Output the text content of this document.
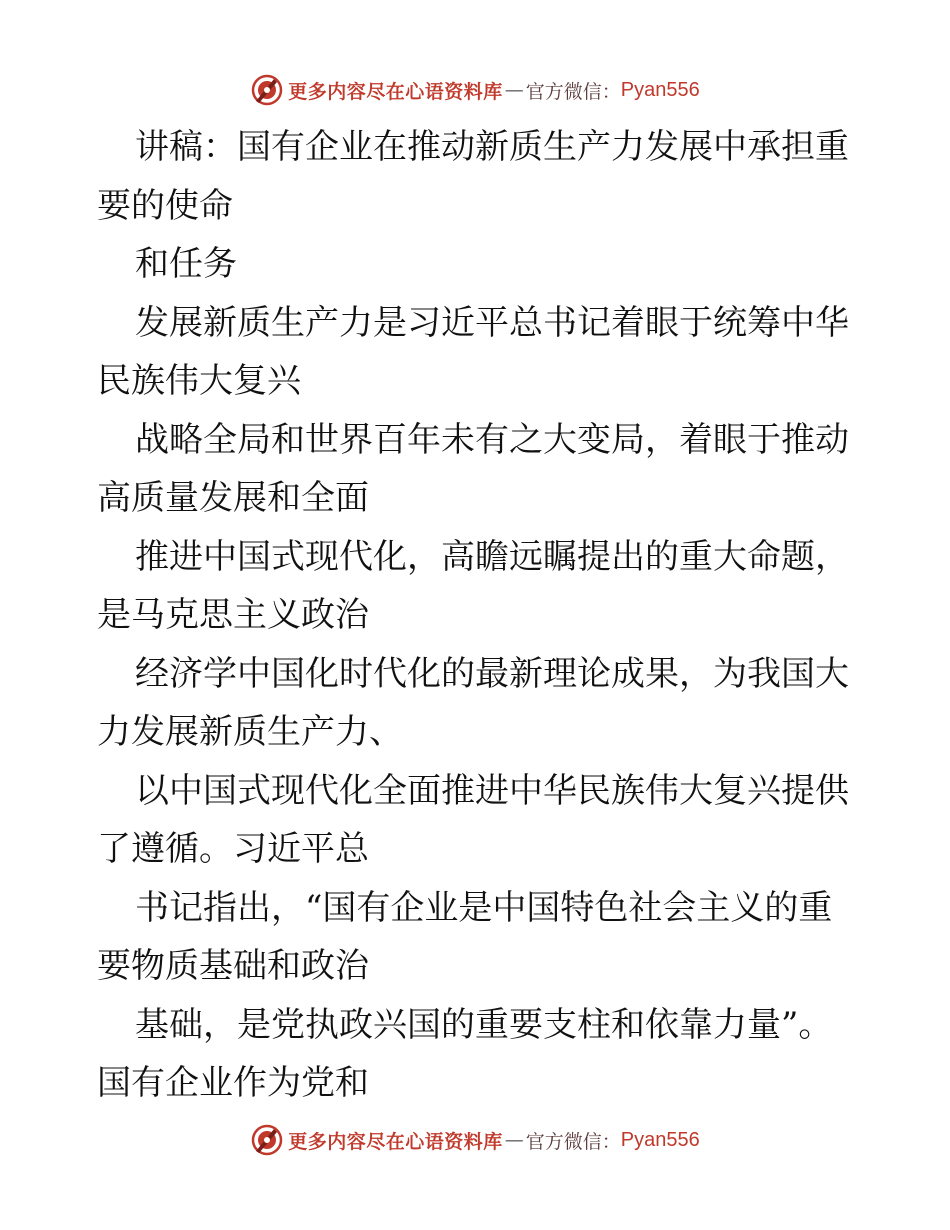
更多内容尽在心语资料库 — 官方微信： Pyan556
讲稿：国有企业在推动新质生产力发展中承担重
要的使命
和任务
发展新质生产力是习近平总书记着眼于统筹中华
民族伟大复兴
战略全局和世界百年未有之大变局，着眼于推动
高质量发展和全面
推进中国式现代化，高瞻远瞩提出的重大命题，
是马克思主义政治
经济学中国化时代化的最新理论成果，为我国大
力发展新质生产力、
以中国式现代化全面推进中华民族伟大复兴提供
了遵循。习近平总
书记指出，“国有企业是中国特色社会主义的重
要物质基础和政治
基础，是党执政兴国的重要支柱和依靠力量”。
国有企业作为党和
更多内容尽在心语资料库 — 官方微信： Pyan556
